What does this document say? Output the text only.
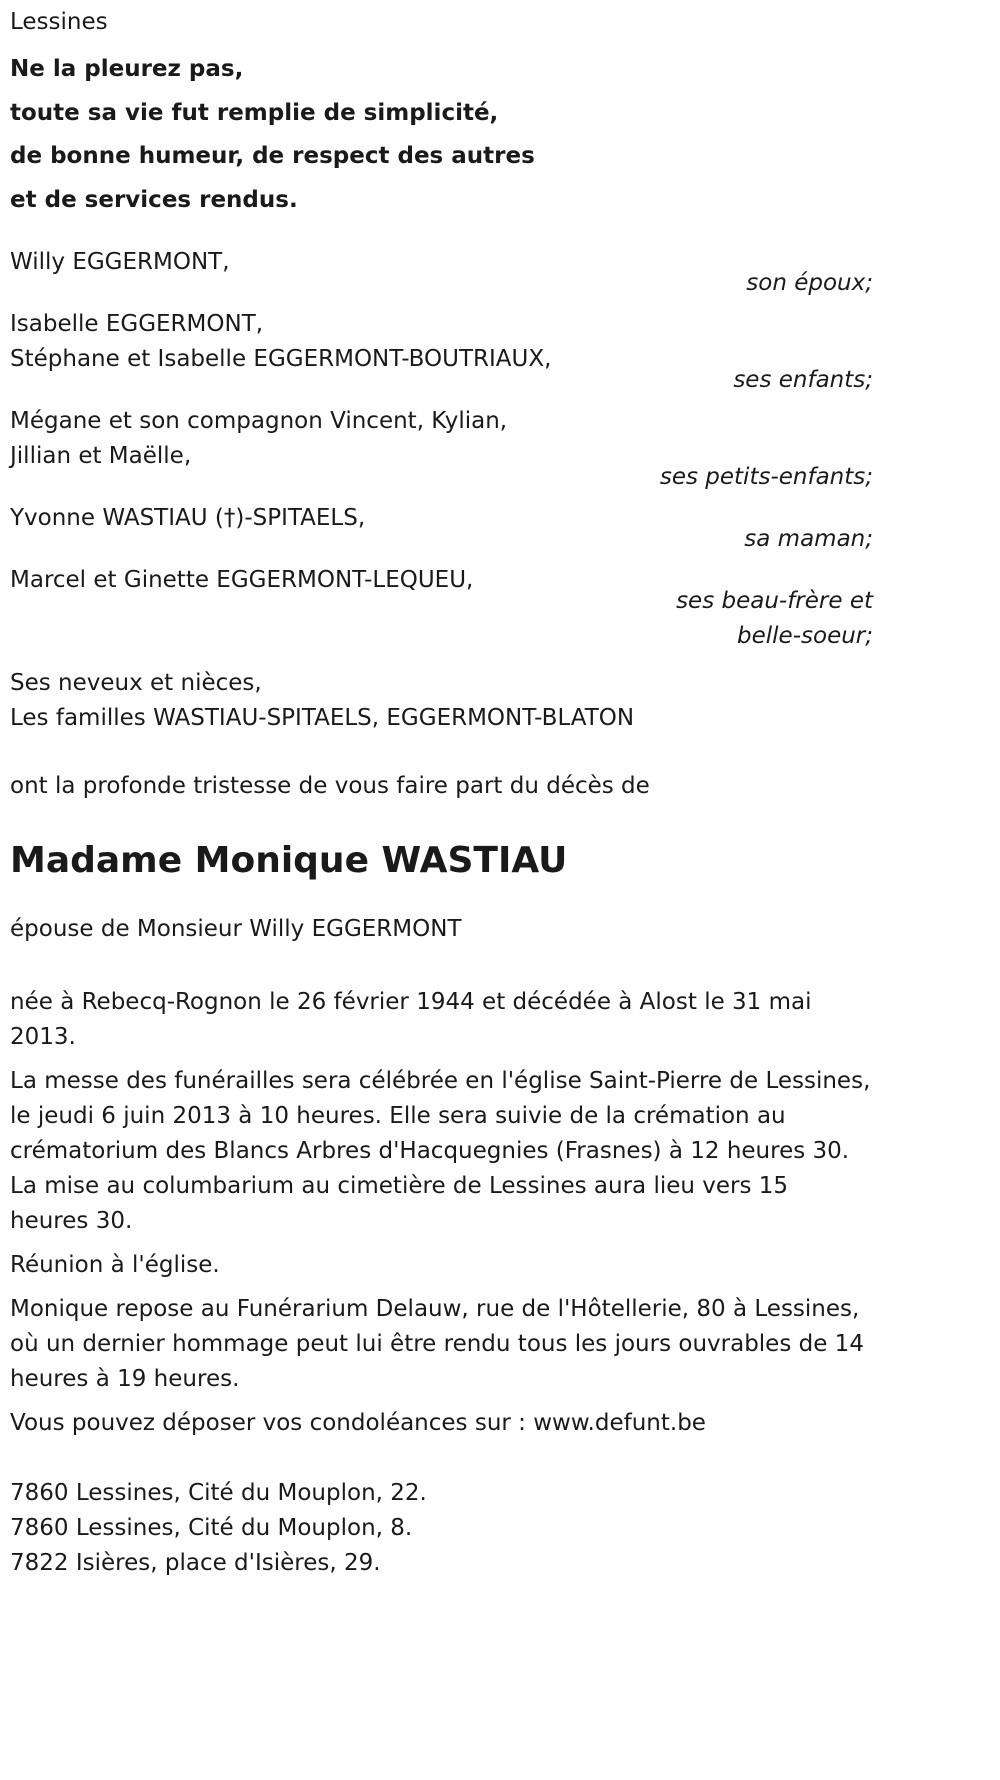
Lessines
Ne la pleurez pas,
toute sa vie fut remplie de simplicité,
de bonne humeur, de respect des autres
et de services rendus.
Willy EGGERMONT,
son époux;
Isabelle EGGERMONT,
Stéphane et Isabelle EGGERMONT-BOUTRIAUX,
ses enfants;
Mégane et son compagnon Vincent, Kylian,
Jillian et Maëlle,
ses petits-enfants;
Yvonne WASTIAU (†)-SPITAELS,
sa maman;
Marcel et Ginette EGGERMONT-LEQUEU,
ses beau-frère et
belle-soeur;
Ses neveux et nièces,
Les familles WASTIAU-SPITAELS, EGGERMONT-BLATON
ont la profonde tristesse de vous faire part du décès de
Madame Monique WASTIAU
épouse de Monsieur Willy EGGERMONT
née à Rebecq-Rognon le 26 février 1944 et décédée à Alost le 31 mai 2013.
La messe des funérailles sera célébrée en l'église Saint-Pierre de Lessines, le jeudi 6 juin 2013 à 10 heures. Elle sera suivie de la crémation au crématorium des Blancs Arbres d'Hacquegnies (Frasnes) à 12 heures 30. La mise au columbarium au cimetière de Lessines aura lieu vers 15 heures 30.
Réunion à l'église.
Monique repose au Funérarium Delauw, rue de l'Hôtellerie, 80 à Lessines, où un dernier hommage peut lui être rendu tous les jours ouvrables de 14 heures à 19 heures.
Vous pouvez déposer vos condoléances sur : www.defunt.be
7860 Lessines, Cité du Mouplon, 22.
7860 Lessines, Cité du Mouplon, 8.
7822 Isières, place d'Isières, 29.
